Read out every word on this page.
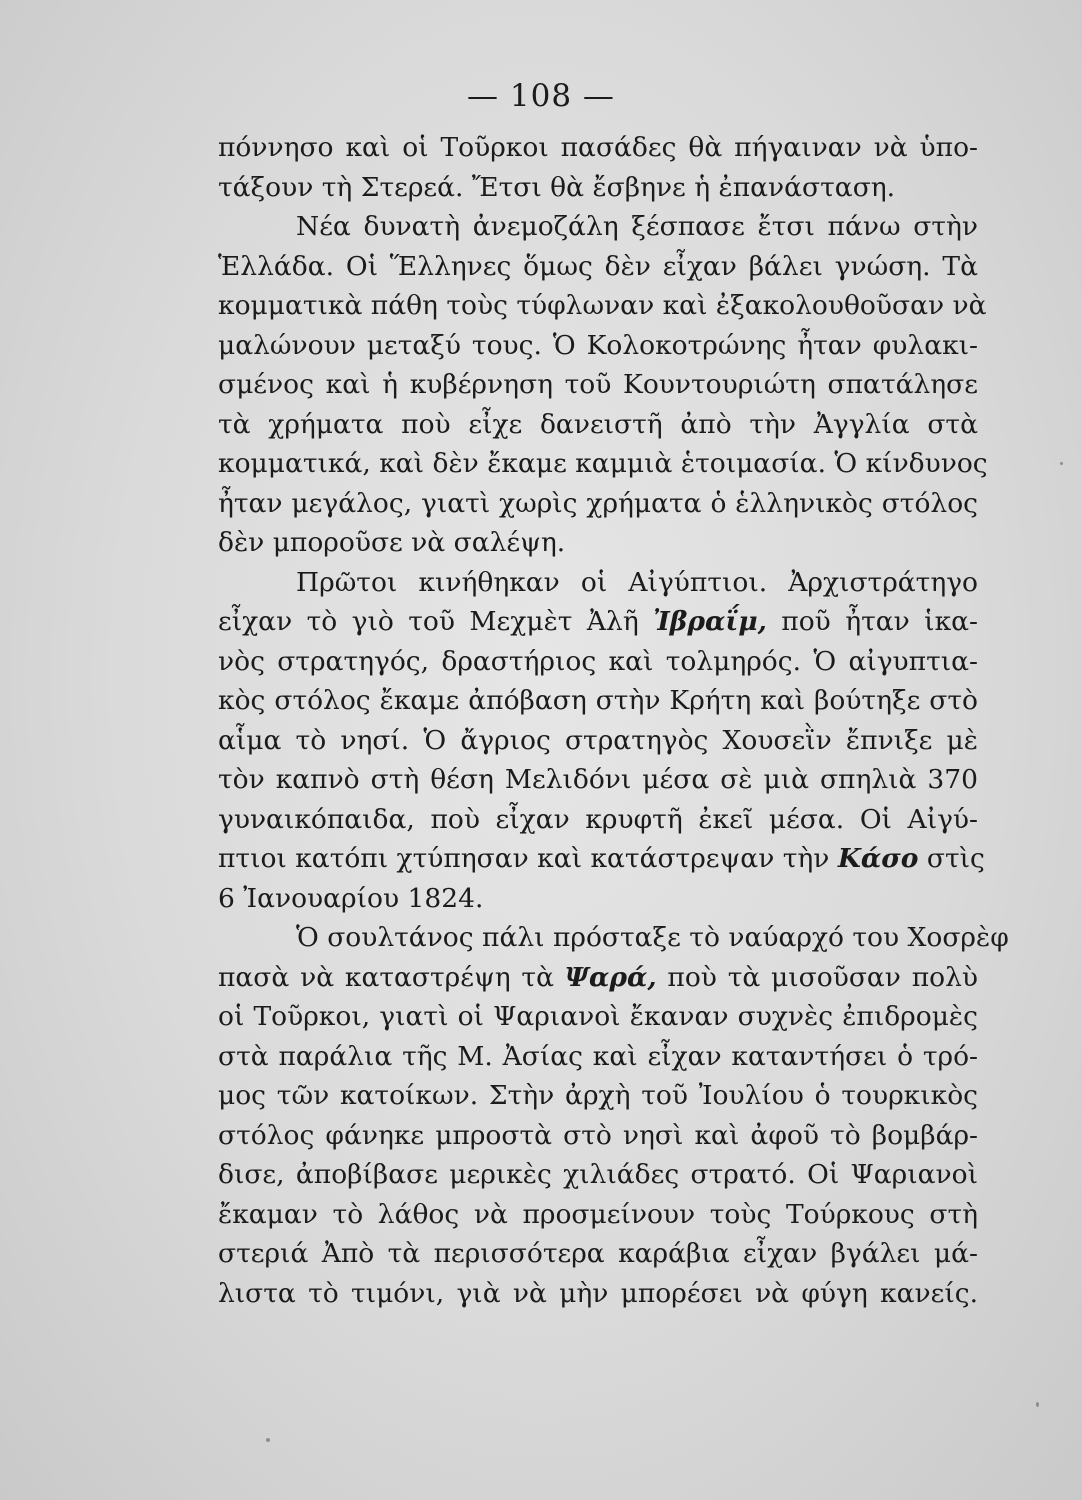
— 108 —
πόννησο καὶ οἱ Τοῦρκοι πασάδες θὰ πήγαιναν νὰ ὑπο-
τάξουν τὴ Στερεά. Ἔτσι θὰ ἔσβηνε ἡ ἐπανάσταση.
Νέα δυνατὴ ἀνεμοζάλη ξέσπασε ἔτσι πάνω στὴν
Ἑλλάδα. Οἱ Ἕλληνες ὅμως δὲν εἶχαν βάλει γνώση. Τὰ
κομματικὰ πάθη τοὺς τύφλωναν καὶ ἐξακολουθοῦσαν νὰ
μαλώνουν μεταξύ τους. Ὁ Κολοκοτρώνης ἦταν φυλακι-
σμένος καὶ ἡ κυβέρνηση τοῦ Κουντουριώτη σπατάλησε
τὰ χρήματα ποὺ εἶχε δανειστῆ ἀπὸ τὴν Ἀγγλία στὰ
κομματικά, καὶ δὲν ἔκαμε καμμιὰ ἑτοιμασία. Ὁ κίνδυνος
ἦταν μεγάλος, γιατὶ χωρὶς χρήματα ὁ ἑλληνικὸς στόλος
δὲν μποροῦσε νὰ σαλέψη.
Πρῶτοι κινήθηκαν οἱ Αἰγύπτιοι. Ἀρχιστράτηγο
εἶχαν τὸ γιὸ τοῦ Μεχμὲτ Ἀλῆ Ἰβραΐμ, ποῦ ἦταν ἱκα-
νὸς στρατηγός, δραστήριος καὶ τολμηρός. Ὁ αἰγυπτια-
κὸς στόλος ἔκαμε ἀπόβαση στὴν Κρήτη καὶ βούτηξε στὸ
αἷμα τὸ νησί. Ὁ ἄγριος στρατηγὸς Χουσεῒν ἔπνιξε μὲ
τὸν καπνὸ στὴ θέση Μελιδόνι μέσα σὲ μιὰ σπηλιὰ 370
γυναικόπαιδα, ποὺ εἶχαν κρυφτῆ ἐκεῖ μέσα. Οἱ Αἰγύ-
πτιοι κατόπι χτύπησαν καὶ κατάστρεψαν τὴν Κάσο στὶς
6 Ἰανουαρίου 1824.
Ὁ σουλτάνος πάλι πρόσταξε τὸ ναύαρχό του Χοσρὲφ
πασὰ νὰ καταστρέψη τὰ Ψαρά, ποὺ τὰ μισοῦσαν πολὺ
οἱ Τοῦρκοι, γιατὶ οἱ Ψαριανοὶ ἔκαναν συχνὲς ἐπιδρομὲς
στὰ παράλια τῆς Μ. Ἀσίας καὶ εἶχαν καταντήσει ὁ τρό-
μος τῶν κατοίκων. Στὴν ἀρχὴ τοῦ Ἰουλίου ὁ τουρκικὸς
στόλος φάνηκε μπροστὰ στὸ νησὶ καὶ ἀφοῦ τὸ βομβάρ-
δισε, ἀποβίβασε μερικὲς χιλιάδες στρατό. Οἱ Ψαριανοὶ
ἔκαμαν τὸ λάθος νὰ προσμείνουν τοὺς Τούρκους στὴ
στεριά Ἀπὸ τὰ περισσότερα καράβια εἶχαν βγάλει μά-
λιστα τὸ τιμόνι, γιὰ νὰ μὴν μπορέσει νὰ φύγη κανείς.
